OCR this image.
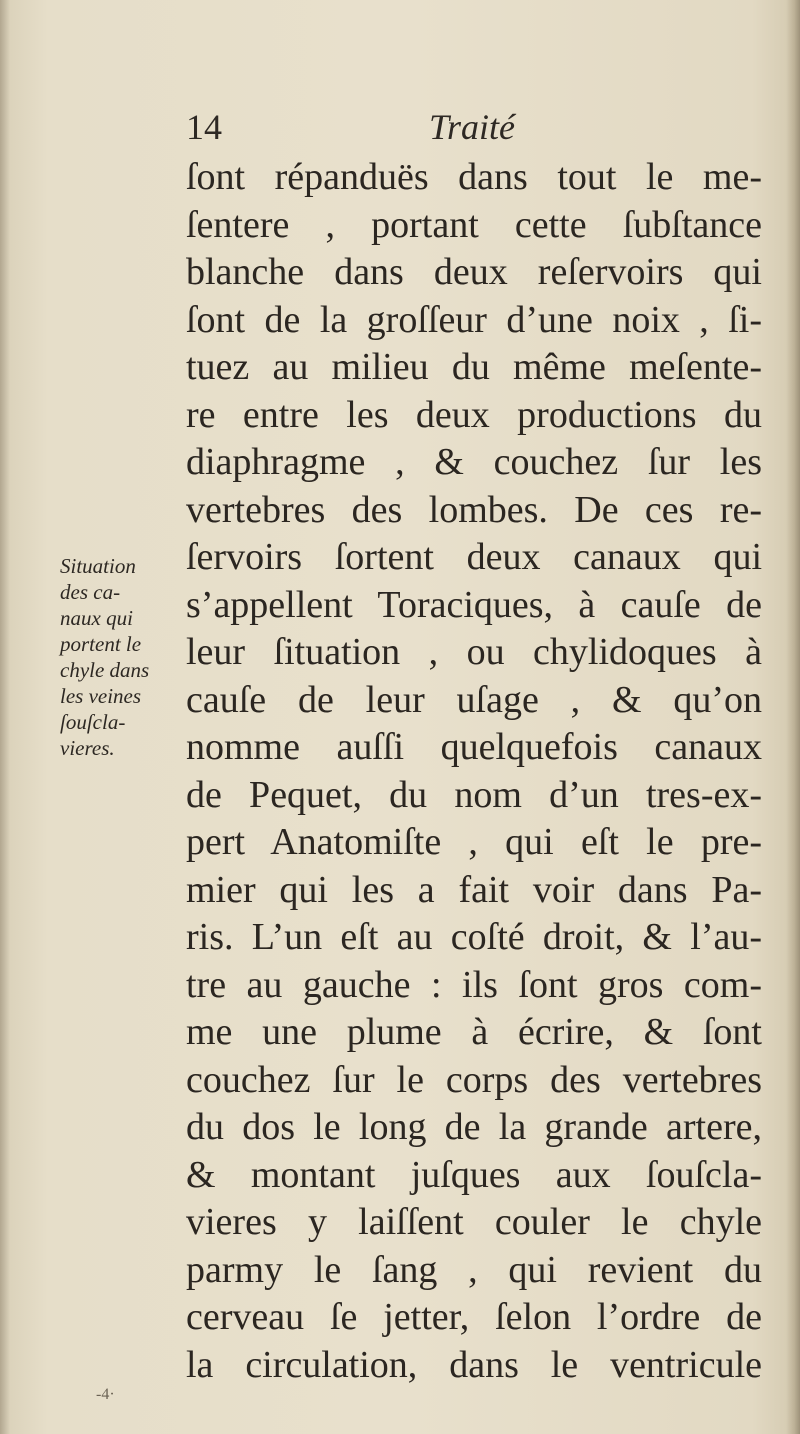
14	Traité
Situation
des ca-
naux qui
portent le
chyle dans
les veines
ſouſcla-
vieres.
ſont répanduës dans tout le me-
ſentere , portant cette ſubſtance
blanche dans deux reſervoirs qui
ſont de la groſſeur d’une noix , ſi-
tuez au milieu du même meſente-
re entre les deux productions du
diaphragme , & couchez ſur les
vertebres des lombes. De ces re-
ſervoirs ſortent deux canaux qui
s’appellent Toraciques, à cauſe de
leur ſituation , ou chylidoques à
cauſe de leur uſage , & qu’on
nomme auſſi quelquefois canaux
de Pequet, du nom d’un tres-ex-
pert Anatomiſte , qui eſt le pre-
mier qui les a fait voir dans Pa-
ris. L’un eſt au coſté droit, & l’au-
tre au gauche : ils ſont gros com-
me une plume à écrire, & ſont
couchez ſur le corps des vertebres
du dos le long de la grande artere,
& montant juſques aux ſouſcla-
vieres y laiſſent couler le chyle
parmy le ſang , qui revient du
cerveau ſe jetter, ſelon l’ordre de
la circulation, dans le ventricule
-4·
